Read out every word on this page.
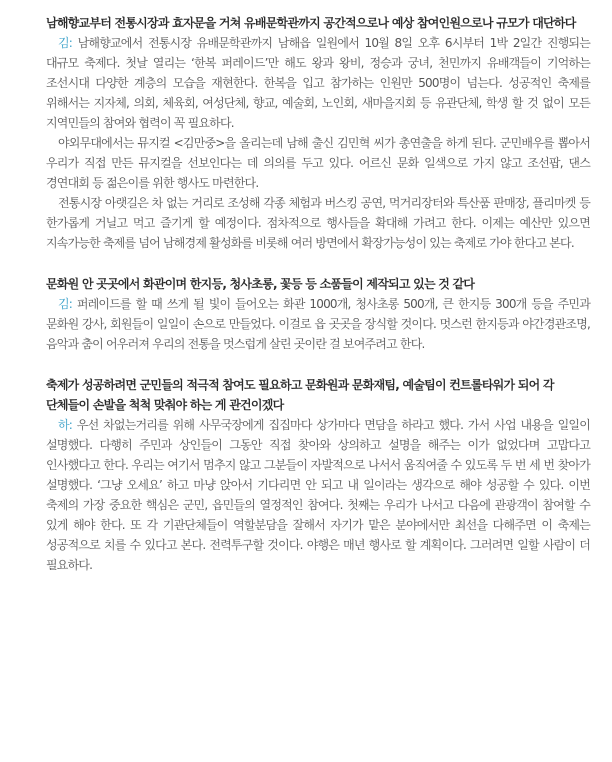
남해향교부터 전통시장과 효자문을 거쳐 유배문학관까지 공간적으로나 예상 참여인원으로나 규모가 대단하다

김: 남해향교에서 전통시장 유배문학관까지 남해읍 일원에서 10월 8일 오후 6시부터 1박 2일간 진행되는 대규모 축제다. 첫날 열리는 ‘한복 퍼레이드’만 해도 왕과 왕비, 정승과 궁녀, 천민까지 유배객들이 기억하는 조선시대 다양한 계층의 모습을 재현한다. 한복을 입고 참가하는 인원만 500명이 넘는다. 성공적인 축제를 위해서는 지자체, 의회, 체육회, 여성단체, 향교, 예술회, 노인회, 새마을지회 등 유관단체, 학생 할 것 없이 모든 지역민들의 참여와 협력이 꼭 필요하다.

야외무대에서는 뮤지컬 <김만중>을 올리는데 남해 출신 김민혁 씨가 총연출을 하게 된다. 군민배우를 뽑아서 우리가 직접 만든 뮤지컬을 선보인다는 데 의의를 두고 있다. 어르신 문화 일색으로 가지 않고 조선팝, 댄스 경연대회 등 젊은이를 위한 행사도 마련한다.

전통시장 아랫길은 차 없는 거리로 조성해 각종 체험과 버스킹 공연, 먹거리장터와 특산품 판매장, 플리마켓 등 한가롭게 거닐고 먹고 즐기게 할 예정이다. 점차적으로 행사들을 확대해 가려고 한다. 이제는 예산만 있으면 지속가능한 축제를 넘어 남해경제 활성화를 비롯해 여러 방면에서 확장가능성이 있는 축제로 가야 한다고 본다.

문화원 안 곳곳에서 화관이며 한지등, 청사초롱, 꽃등 등 소품들이 제작되고 있는 것 같다

김: 퍼레이드를 할 때 쓰게 될 빛이 들어오는 화관 1000개, 청사초롱 500개, 큰 한지등 300개 등을 주민과 문화원 강사, 회원들이 일일이 손으로 만들었다. 이걸로 읍 곳곳을 장식할 것이다. 멋스런 한지등과 야간경관조명, 음악과 춤이 어우러져 우리의 전통을 멋스럽게 살린 곳이란 걸 보여주려고 한다.

축제가 성공하려면 군민들의 적극적 참여도 필요하고 문화원과 문화재팀, 예술팀이 컨트롤타워가 되어 각 단체들이 손발을 척척 맞춰야 하는 게 관건이겠다

하: 우선 차없는거리를 위해 사무국장에게 집집마다 상가마다 면담을 하라고 했다. 가서 사업 내용을 일일이 설명했다. 다행히 주민과 상인들이 그동안 직접 찾아와 상의하고 설명을 해주는 이가 없었다며 고맙다고 인사했다고 한다. 우리는 여기서 멈추지 않고 그분들이 자발적으로 나서서 움직여줄 수 있도록 두 번 세 번 찾아가 설명했다. ‘그냥 오세요’ 하고 마냥 앉아서 기다리면 안 되고 내 일이라는 생각으로 해야 성공할 수 있다. 이번 축제의 가장 중요한 핵심은 군민, 읍민들의 열정적인 참여다. 첫째는 우리가 나서고 다음에 관광객이 참여할 수 있게 해야 한다. 또 각 기관단체들이 역할분담을 잘해서 자기가 맡은 분야에서만 최선을 다해주면 이 축제는 성공적으로 치를 수 있다고 본다. 전력투구할 것이다. 야행은 매년 행사로 할 계획이다. 그러려면 일할 사람이 더 필요하다.
